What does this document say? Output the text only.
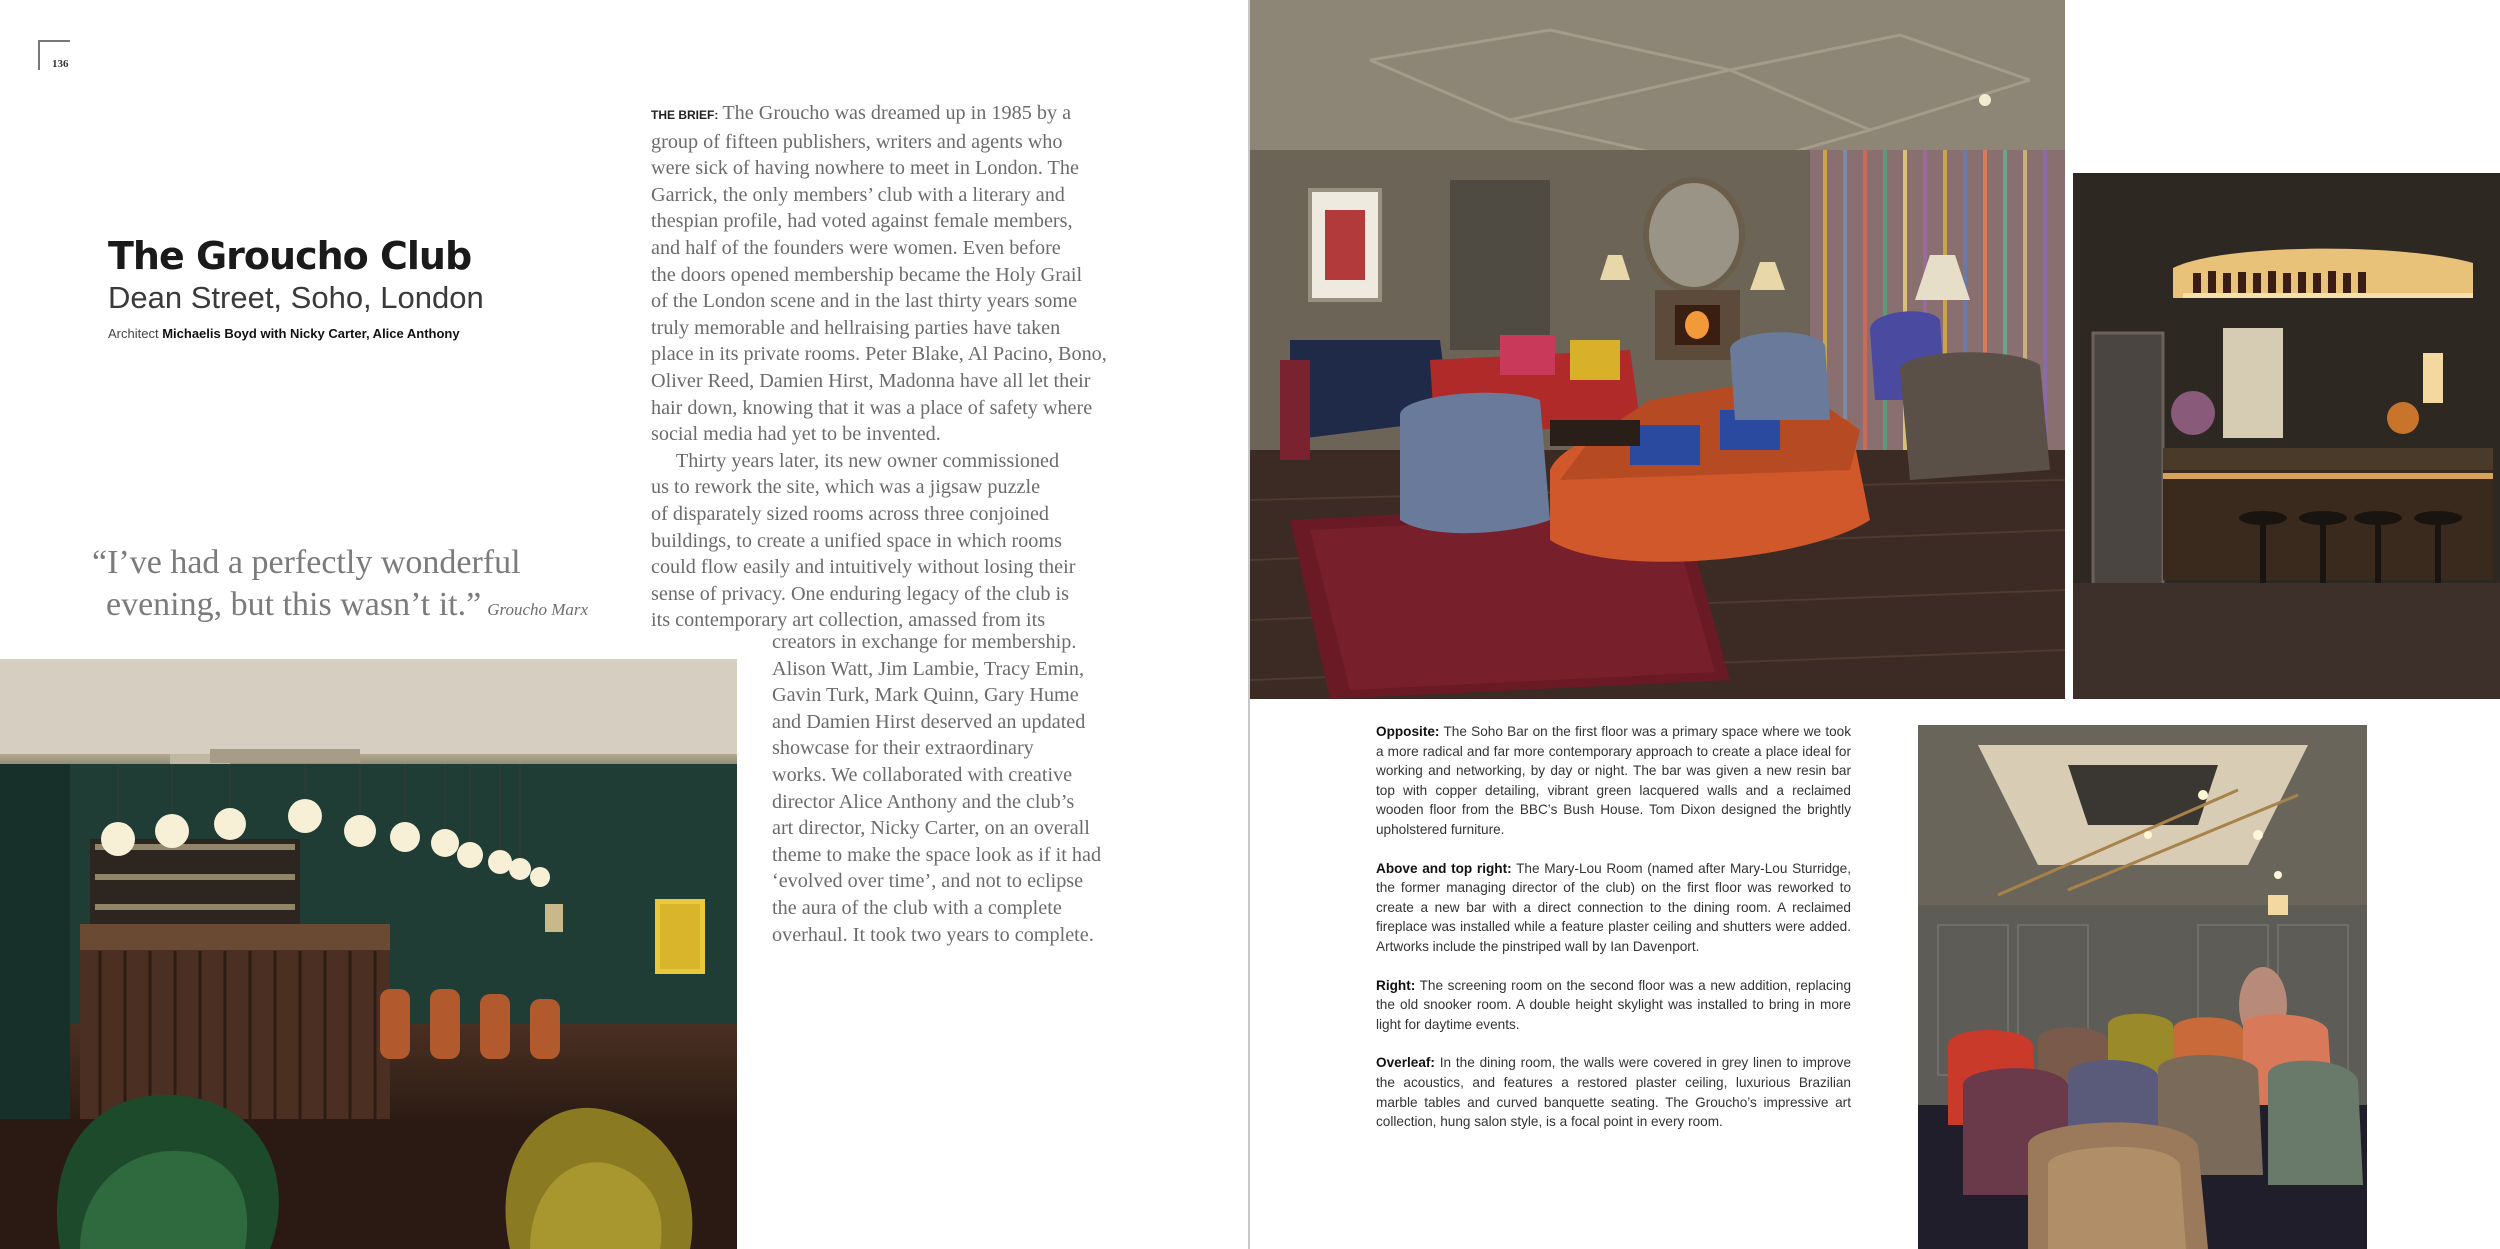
136
The Groucho Club
Dean Street, Soho, London
Architect Michaelis Boyd with Nicky Carter, Alice Anthony
“I’ve had a perfectly wonderful
evening, but this wasn’t it.” Groucho Marx
THE BRIEF: The Groucho was dreamed up in 1985 by a
group of fifteen publishers, writers and agents who
were sick of having nowhere to meet in London. The
Garrick, the only members’ club with a literary and
thespian profile, had voted against female members,
and half of the founders were women. Even before
the doors opened membership became the Holy Grail
of the London scene and in the last thirty years some
truly memorable and hellraising parties have taken
place in its private rooms. Peter Blake, Al Pacino, Bono,
Oliver Reed, Damien Hirst, Madonna have all let their
hair down, knowing that it was a place of safety where
social media had yet to be invented.
Thirty years later, its new owner commissioned
us to rework the site, which was a jigsaw puzzle
of disparately sized rooms across three conjoined
buildings, to create a unified space in which rooms
could flow easily and intuitively without losing their
sense of privacy. One enduring legacy of the club is
its contemporary art collection, amassed from its
creators in exchange for membership.
Alison Watt, Jim Lambie, Tracy Emin,
Gavin Turk, Mark Quinn, Gary Hume
and Damien Hirst deserved an updated
showcase for their extraordinary
works. We collaborated with creative
director Alice Anthony and the club’s
art director, Nicky Carter, on an overall
theme to make the space look as if it had
‘evolved over time’, and not to eclipse
the aura of the club with a complete
overhaul. It took two years to complete.

Opposite: The Soho Bar on the first floor was a primary space where we took a more radical and far more contemporary approach to create a place ideal for working and networking, by day or night. The bar was given a new resin bar top with copper detailing, vibrant green lacquered walls and a reclaimed wooden floor from the BBC’s Bush House. Tom Dixon designed the brightly upholstered furniture.

Above and top right: The Mary-Lou Room (named after Mary-Lou Sturridge, the former managing director of the club) on the first floor was reworked to create a new bar with a direct connection to the dining room. A reclaimed fireplace was installed while a feature plaster ceiling and shutters were added. Artworks include the pinstriped wall by Ian Davenport.

Right: The screening room on the second floor was a new addition, replacing the old snooker room. A double height skylight was installed to bring in more light for daytime events.

Overleaf: In the dining room, the walls were covered in grey linen to improve the acoustics, and features a restored plaster ceiling, luxurious Brazilian marble tables and curved banquette seating. The Groucho’s impressive art collection, hung salon style, is a focal point in every room.
